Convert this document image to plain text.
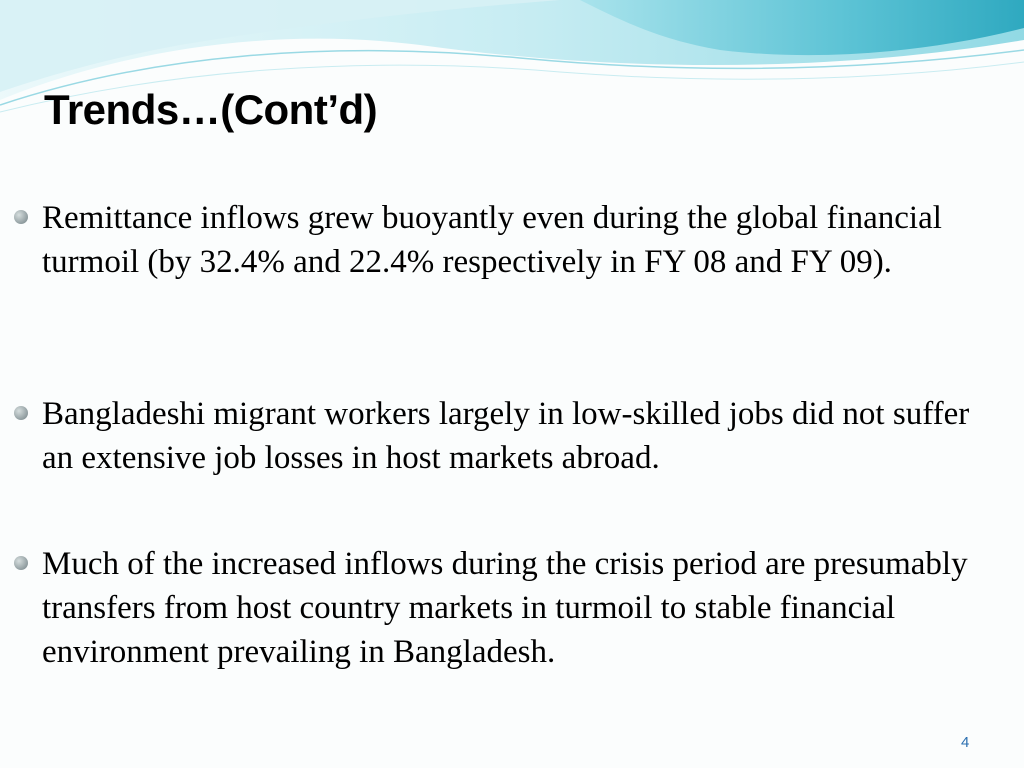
Trends…(Cont’d)

Remittance inflows grew buoyantly even during the global financial turmoil (by 32.4% and 22.4% respectively in FY 08 and FY 09).

Bangladeshi migrant workers largely in low-skilled jobs did not suffer an extensive job losses in host markets abroad.

Much of the increased inflows during the crisis period are presumably transfers from host country markets in turmoil to stable financial environment prevailing in Bangladesh.

4
